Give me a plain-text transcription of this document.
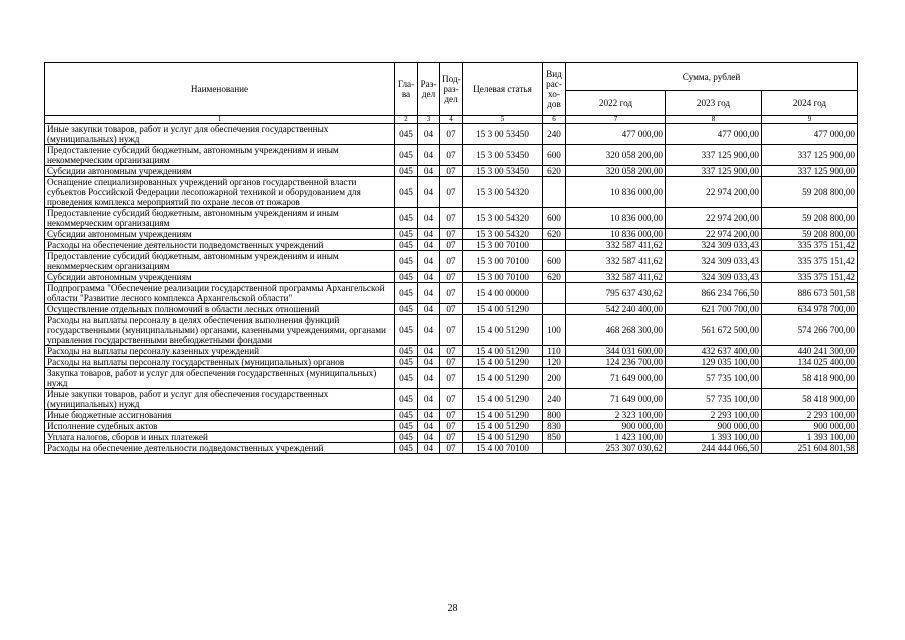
Наименование	Гла-ва	Раз-дел	Под-раз-дел	Целевая статья	Вид рас-хо-дов	Сумма, рублей		
						2022 год	2023 год	2024 год
1	2	3	4	5	6	7	8	9
Иные закупки товаров, работ и услуг для обеспечения государственных (муниципальных) нужд	045	04	07	15 3 00 53450	240	477 000,00	477 000,00	477 000,00
Предоставление субсидий бюджетным, автономным учреждениям и иным некоммерческим организациям	045	04	07	15 3 00 53450	600	320 058 200,00	337 125 900,00	337 125 900,00
Субсидии автономным учреждениям	045	04	07	15 3 00 53450	620	320 058 200,00	337 125 900,00	337 125 900,00
Оснащение специализированных учреждений органов государственной власти субъектов Российской Федерации лесопожарной техникой и оборудованием для проведения комплекса мероприятий по охране лесов от пожаров	045	04	07	15 3 00 54320		10 836 000,00	22 974 200,00	59 208 800,00
Предоставление субсидий бюджетным, автономным учреждениям и иным некоммерческим организациям	045	04	07	15 3 00 54320	600	10 836 000,00	22 974 200,00	59 208 800,00
Субсидии автономным учреждениям	045	04	07	15 3 00 54320	620	10 836 000,00	22 974 200,00	59 208 800,00
Расходы на обеспечение деятельности подведомственных учреждений	045	04	07	15 3 00 70100		332 587 411,62	324 309 033,43	335 375 151,42
Предоставление субсидий бюджетным, автономным учреждениям и иным некоммерческим организациям	045	04	07	15 3 00 70100	600	332 587 411,62	324 309 033,43	335 375 151,42
Субсидии автономным учреждениям	045	04	07	15 3 00 70100	620	332 587 411,62	324 309 033,43	335 375 151,42
Подпрограмма "Обеспечение реализации государственной программы Архангельской области "Развитие лесного комплекса Архангельской области"	045	04	07	15 4 00 00000		795 637 430,62	866 234 766,50	886 673 501,58
Осуществление отдельных полномочий в области лесных отношений	045	04	07	15 4 00 51290		542 240 400,00	621 700 700,00	634 978 700,00
Расходы на выплаты персоналу в целях обеспечения выполнения функций государственными (муниципальными) органами, казенными учреждениями, органами управления государственными внебюджетными фондами	045	04	07	15 4 00 51290	100	468 268 300,00	561 672 500,00	574 266 700,00
Расходы на выплаты персоналу казенных учреждений	045	04	07	15 4 00 51290	110	344 031 600,00	432 637 400,00	440 241 300,00
Расходы на выплаты персоналу государственных (муниципальных) органов	045	04	07	15 4 00 51290	120	124 236 700,00	129 035 100,00	134 025 400,00
Закупка товаров, работ и услуг для обеспечения государственных (муниципальных) нужд	045	04	07	15 4 00 51290	200	71 649 000,00	57 735 100,00	58 418 900,00
Иные закупки товаров, работ и услуг для обеспечения государственных (муниципальных) нужд	045	04	07	15 4 00 51290	240	71 649 000,00	57 735 100,00	58 418 900,00
Иные бюджетные ассигнования	045	04	07	15 4 00 51290	800	2 323 100,00	2 293 100,00	2 293 100,00
Исполнение судебных актов	045	04	07	15 4 00 51290	830	900 000,00	900 000,00	900 000,00
Уплата налогов, сборов и иных платежей	045	04	07	15 4 00 51290	850	1 423 100,00	1 393 100,00	1 393 100,00
Расходы на обеспечение деятельности подведомственных учреждений	045	04	07	15 4 00 70100		253 307 030,62	244 444 066,50	251 604 801,58
28
